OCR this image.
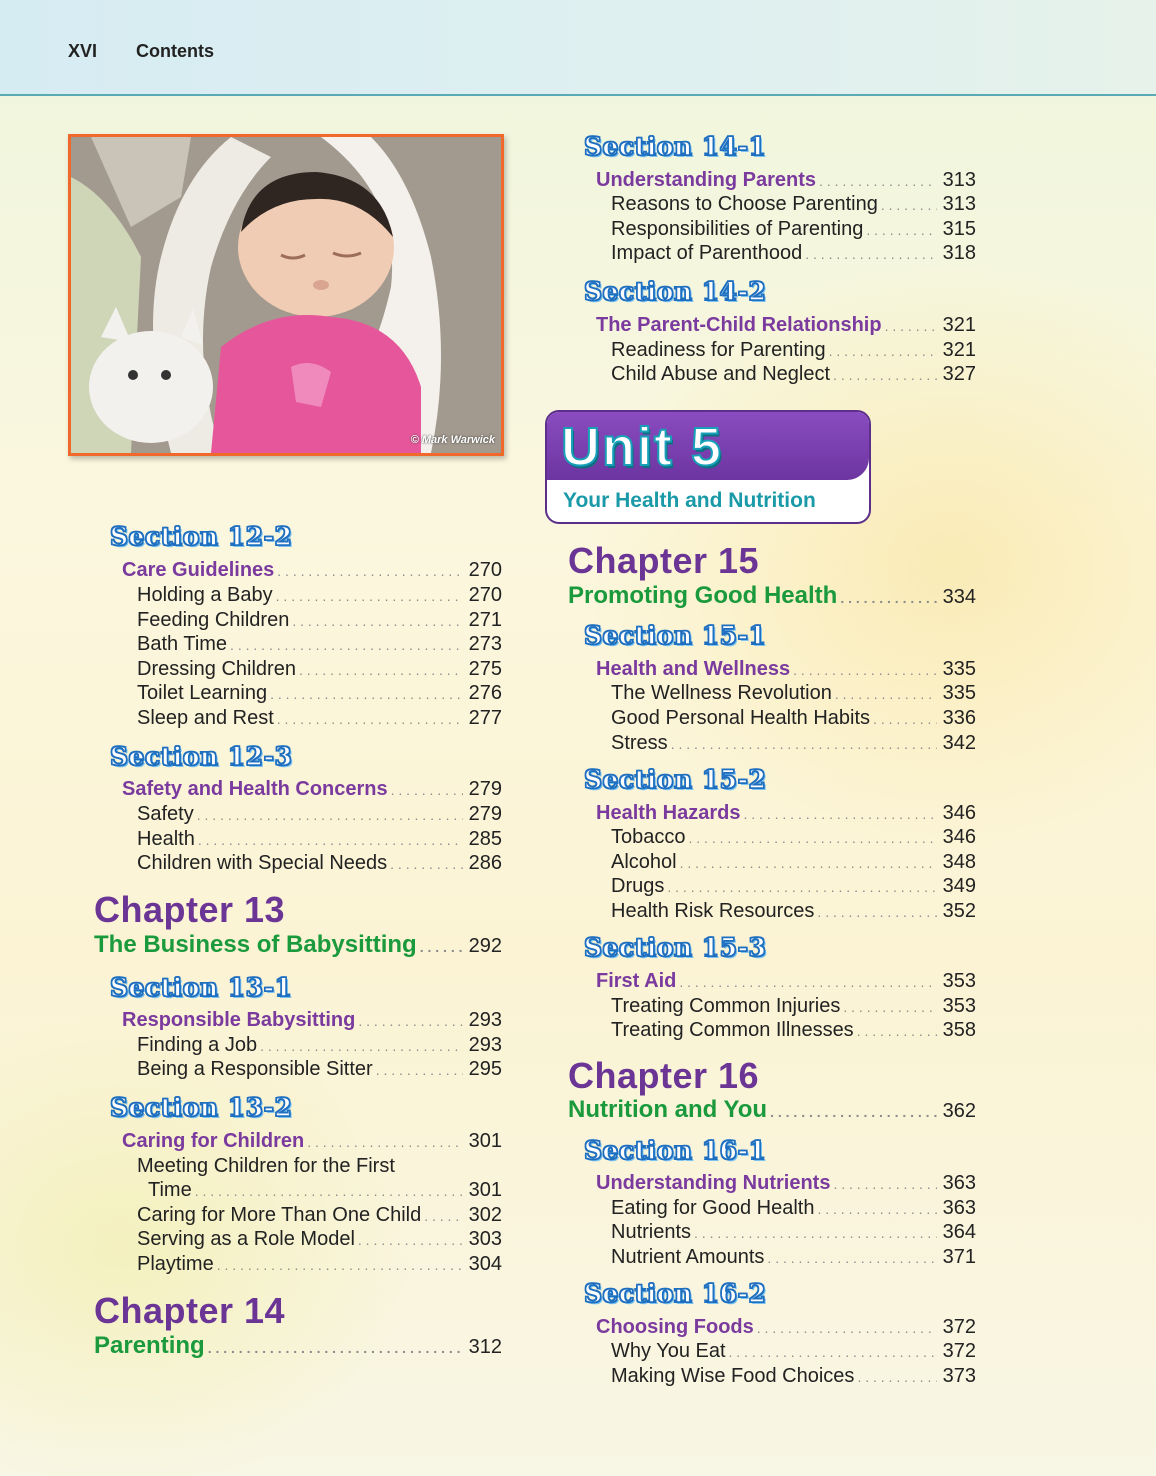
XVI Contents
© Mark Warwick
Section 12-2
Care Guidelines . . .	270
Holding a Baby . . .	270
Feeding Children . . .	271
Bath Time . . .	273
Dressing Children . . .	275
Toilet Learning . . .	276
Sleep and Rest . . .	277
Section 12-3
Safety and Health Concerns . . .	279
Safety . . .	279
Health . . .	285
Children with Special Needs . . .	286
Chapter 13
The Business of Babysitting . . .	292
Section 13-1
Responsible Babysitting . . .	293
Finding a Job . . .	293
Being a Responsible Sitter . . .	295
Section 13-2
Caring for Children . . .	301
Meeting Children for the First
Time . . .	301
Caring for More Than One Child . . . 302
Serving as a Role Model . . .	303
Playtime . . .	304
Chapter 14
Parenting . . .	312
Section 14-1
Understanding Parents . . .	313
Reasons to Choose Parenting . . .	313
Responsibilities of Parenting . . .	315
Impact of Parenthood . . .	318
Section 14-2
The Parent-Child Relationship . . .	321
Readiness for Parenting . . .	321
Child Abuse and Neglect . . .	327
Unit 5
Your Health and Nutrition
Chapter 15
Promoting Good Health . . .	334
Section 15-1
Health and Wellness . . .	335
The Wellness Revolution . . .	335
Good Personal Health Habits . . .	336
Stress . . .	342
Section 15-2
Health Hazards . . .	346
Tobacco . . .	346
Alcohol . . .	348
Drugs . . .	349
Health Risk Resources . . .	352
Section 15-3
First Aid . . .	353
Treating Common Injuries . . .	353
Treating Common Illnesses . . .	358
Chapter 16
Nutrition and You . . .	362
Section 16-1
Understanding Nutrients . . .	363
Eating for Good Health . . .	363
Nutrients . . .	364
Nutrient Amounts . . .	371
Section 16-2
Choosing Foods . . .	372
Why You Eat . . .	372
Making Wise Food Choices . . .	373
